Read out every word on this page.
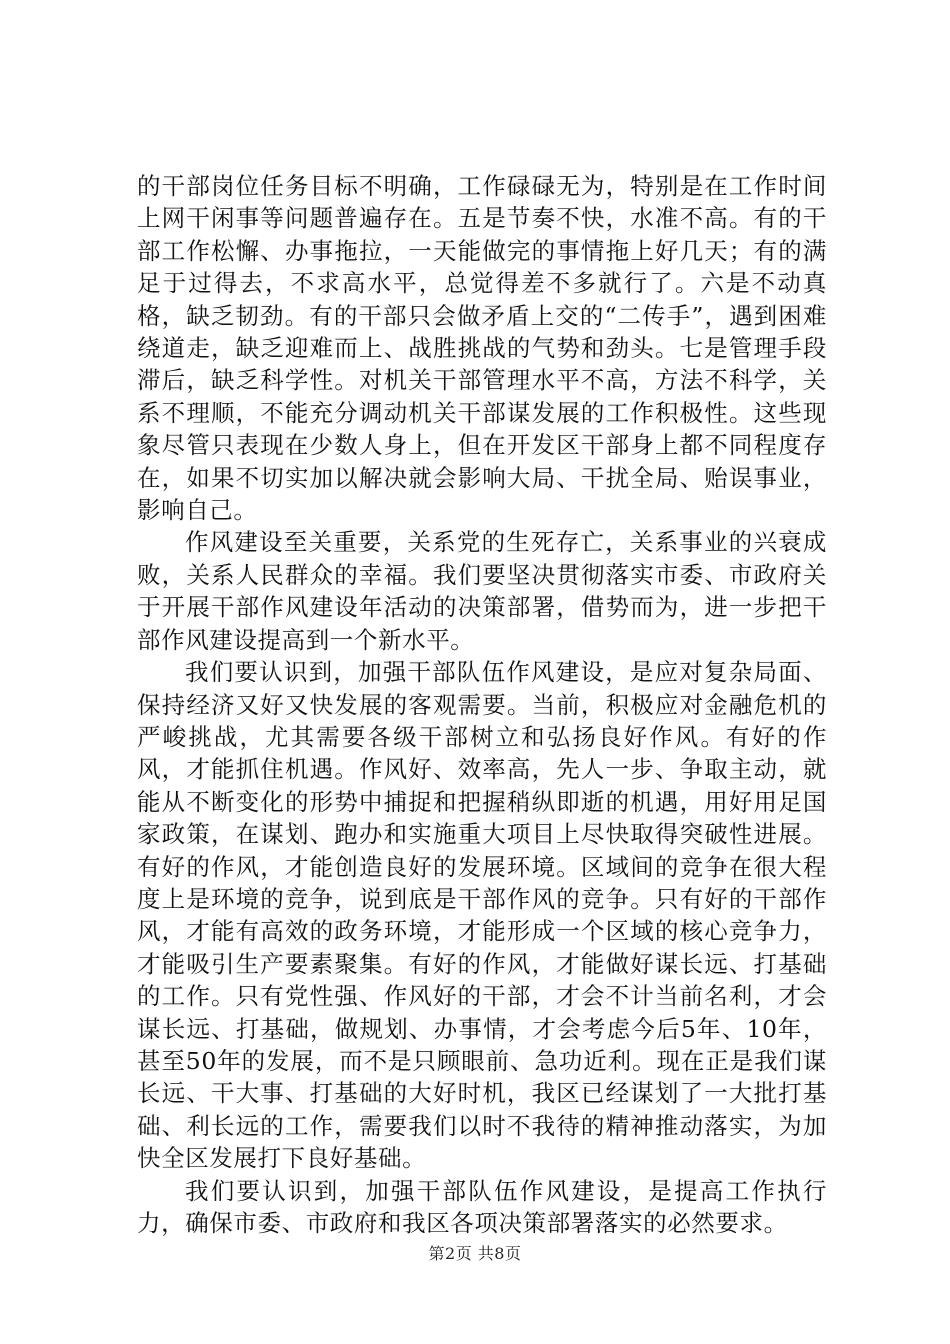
的干部岗位任务目标不明确，工作碌碌无为，特别是在工作时间上网干闲事等问题普遍存在。五是节奏不快，水准不高。有的干部工作松懈、办事拖拉，一天能做完的事情拖上好几天；有的满足于过得去，不求高水平，总觉得差不多就行了。六是不动真格，缺乏韧劲。有的干部只会做矛盾上交的“二传手”，遇到困难绕道走，缺乏迎难而上、战胜挑战的气势和劲头。七是管理手段滞后，缺乏科学性。对机关干部管理水平不高，方法不科学，关系不理顺，不能充分调动机关干部谋发展的工作积极性。这些现象尽管只表现在少数人身上，但在开发区干部身上都不同程度存在，如果不切实加以解决就会影响大局、干扰全局、贻误事业，影响自己。

作风建设至关重要，关系党的生死存亡，关系事业的兴衰成败，关系人民群众的幸福。我们要坚决贯彻落实市委、市政府关于开展干部作风建设年活动的决策部署，借势而为，进一步把干部作风建设提高到一个新水平。

我们要认识到，加强干部队伍作风建设，是应对复杂局面、保持经济又好又快发展的客观需要。当前，积极应对金融危机的严峻挑战，尤其需要各级干部树立和弘扬良好作风。有好的作风，才能抓住机遇。作风好、效率高，先人一步、争取主动，就能从不断变化的形势中捕捉和把握稍纵即逝的机遇，用好用足国家政策，在谋划、跑办和实施重大项目上尽快取得突破性进展。有好的作风，才能创造良好的发展环境。区域间的竞争在很大程度上是环境的竞争，说到底是干部作风的竞争。只有好的干部作风，才能有高效的政务环境，才能形成一个区域的核心竞争力，才能吸引生产要素聚集。有好的作风，才能做好谋长远、打基础的工作。只有党性强、作风好的干部，才会不计当前名利，才会谋长远、打基础，做规划、办事情，才会考虑今后5年、10年，甚至50年的发展，而不是只顾眼前、急功近利。现在正是我们谋长远、干大事、打基础的大好时机，我区已经谋划了一大批打基础、利长远的工作，需要我们以时不我待的精神推动落实，为加快全区发展打下良好基础。

我们要认识到，加强干部队伍作风建设，是提高工作执行力，确保市委、市政府和我区各项决策部署落实的必然要求。

第2页 共8页
